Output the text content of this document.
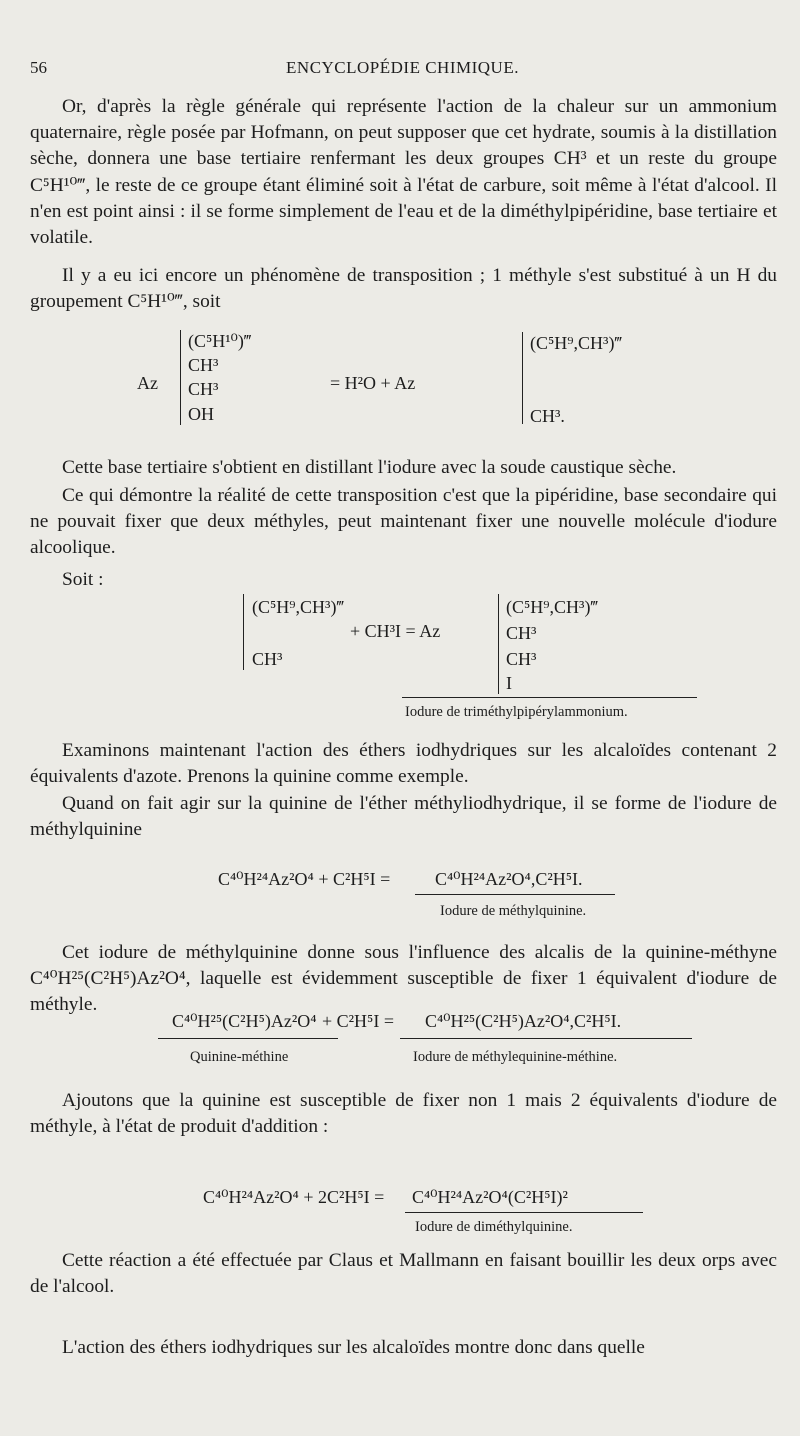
56	ENCYCLOPÉDIE CHIMIQUE.
Or, d'après la règle générale qui représente l'action de la chaleur sur un ammonium quaternaire, règle posée par Hofmann, on peut supposer que cet hydrate, soumis à la distillation sèche, donnera une base tertiaire renfermant les deux groupes CH³ et un reste du groupe C⁵H¹⁰‴, le reste de ce groupe étant éliminé soit à l'état de carbure, soit même à l'état d'alcool. Il n'en est point ainsi : il se forme simplement de l'eau et de la diméthylpipéridine, base tertiaire et volatile.
Il y a eu ici encore un phénomène de transposition ; 1 méthyle s'est substitué à un H du groupement C⁵H¹⁰‴, soit
Az
(C⁵H¹⁰)‴
CH³
CH³
OH
= H²O + Az
(C⁵H⁹,CH³)‴
CH³.
Cette base tertiaire s'obtient en distillant l'iodure avec la soude caustique sèche.
Ce qui démontre la réalité de cette transposition c'est que la pipéridine, base secondaire qui ne pouvait fixer que deux méthyles, peut maintenant fixer une nouvelle molécule d'iodure alcoolique.
Soit :
(C⁵H⁹,CH³)‴
CH³
+ CH³I = Az
(C⁵H⁹,CH³)‴
CH³
CH³
I
Iodure de triméthylpipérylammonium.
Examinons maintenant l'action des éthers iodhydriques sur les alcaloïdes contenant 2 équivalents d'azote. Prenons la quinine comme exemple.
Quand on fait agir sur la quinine de l'éther méthyliodhydrique, il se forme de l'iodure de méthylquinine
C⁴⁰H²⁴Az²O⁴ + C²H⁵I = C⁴⁰H²⁴Az²O⁴,C²H⁵I.
Iodure de méthylquinine.
Cet iodure de méthylquinine donne sous l'influence des alcalis de la quinine-méthyne C⁴⁰H²⁵(C²H⁵)Az²O⁴, laquelle est évidemment susceptible de fixer 1 équivalent d'iodure de méthyle.
C⁴⁰H²⁵(C²H⁵)Az²O⁴ + C²H⁵I = C⁴⁰H²⁵(C²H⁵)Az²O⁴,C²H⁵I.
Quinine-méthine	Iodure de méthylequinine-méthine.
Ajoutons que la quinine est susceptible de fixer non 1 mais 2 équivalents d'iodure de méthyle, à l'état de produit d'addition :
C⁴⁰H²⁴Az²O⁴ + 2C²H⁵I = C⁴⁰H²⁴Az²O⁴(C²H⁵I)²
Iodure de diméthylquinine.
Cette réaction a été effectuée par Claus et Mallmann en faisant bouillir les deux orps avec de l'alcool.
L'action des éthers iodhydriques sur les alcaloïdes montre donc dans quelle
